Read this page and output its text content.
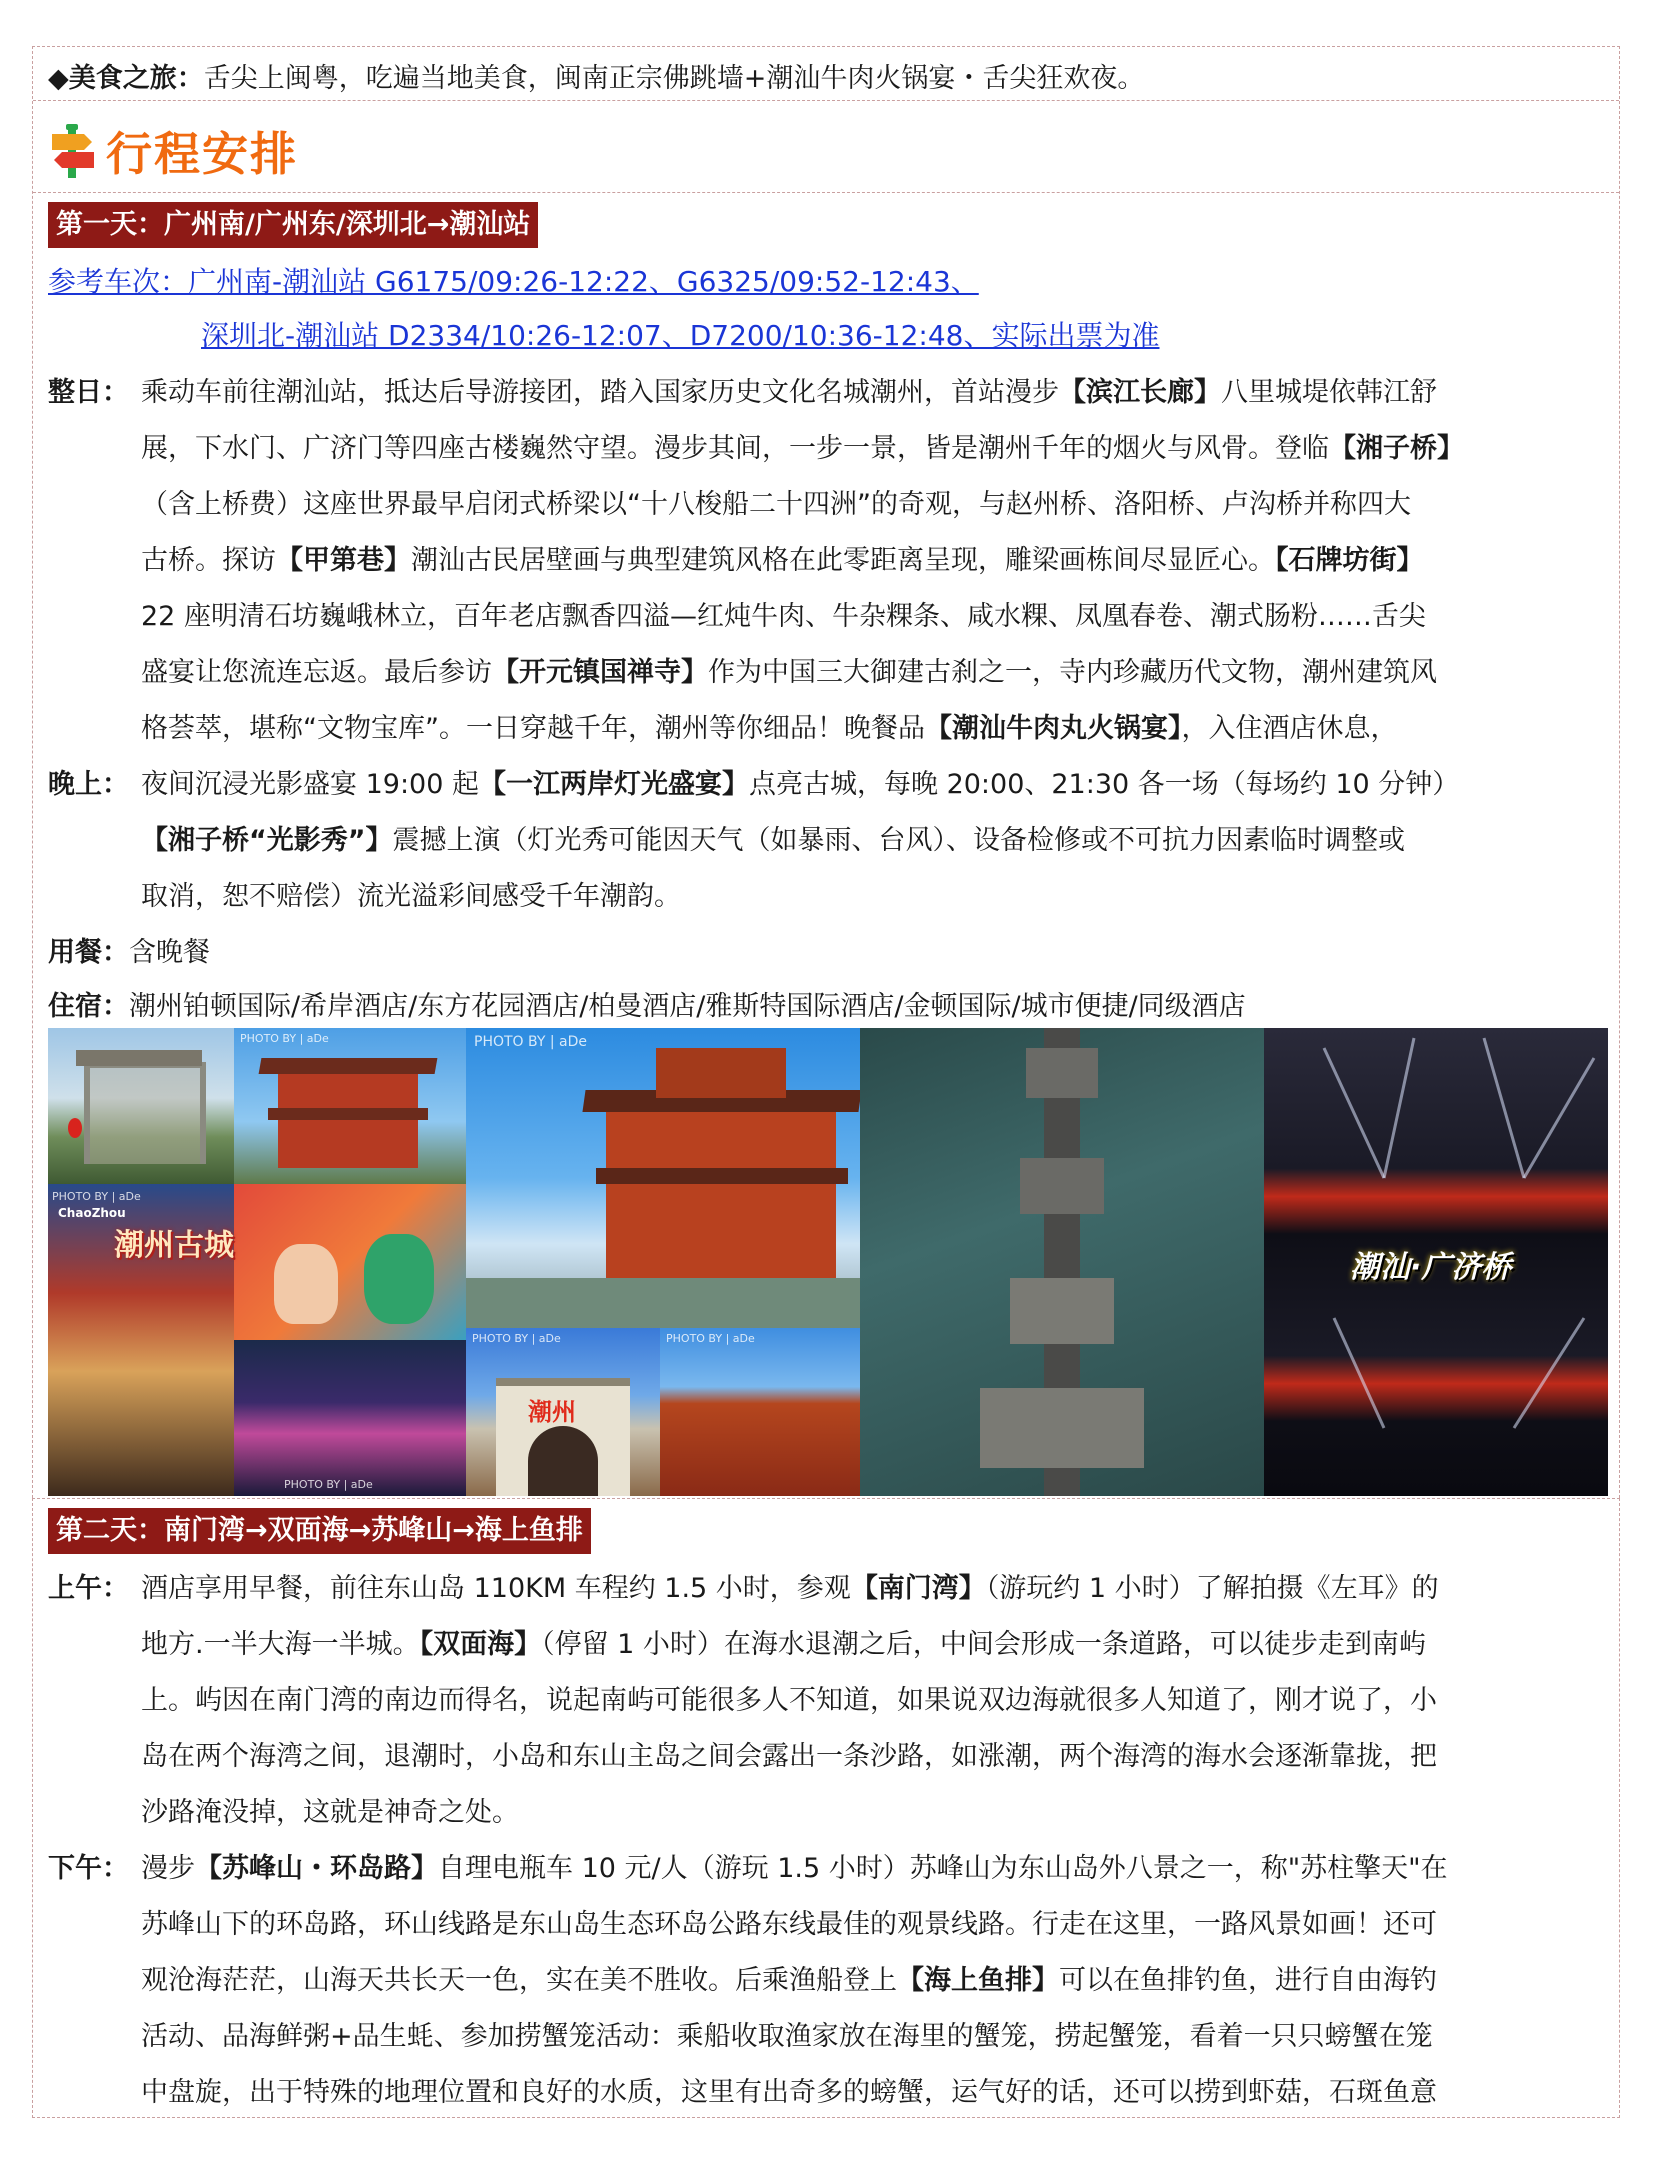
◆美食之旅：舌尖上闽粤，吃遍当地美食，闽南正宗佛跳墙+潮汕牛肉火锅宴・舌尖狂欢夜。
行程安排
第一天：广州南/广州东/深圳北→潮汕站
参考车次：广州南-潮汕站 G6175/09:26-12:22、G6325/09:52-12:43、
深圳北-潮汕站 D2334/10:26-12:07、D7200/10:36-12:48、实际出票为准
整日： 乘动车前往潮汕站，抵达后导游接团，踏入国家历史文化名城潮州，首站漫步【滨江长廊】八里城堤依韩江舒
展，下水门、广济门等四座古楼巍然守望。漫步其间，一步一景，皆是潮州千年的烟火与风骨。登临【湘子桥】
（含上桥费）这座世界最早启闭式桥梁以“十八梭船二十四洲”的奇观，与赵州桥、洛阳桥、卢沟桥并称四大
古桥。探访【甲第巷】潮汕古民居壁画与典型建筑风格在此零距离呈现，雕梁画栋间尽显匠心。【石牌坊街】
22 座明清石坊巍峨林立，百年老店飘香四溢—红炖牛肉、牛杂粿条、咸水粿、凤凰春卷、潮式肠粉……舌尖
盛宴让您流连忘返。最后参访【开元镇国禅寺】作为中国三大御建古刹之一，寺内珍藏历代文物，潮州建筑风
格荟萃，堪称“文物宝库”。一日穿越千年，潮州等你细品！晚餐品【潮汕牛肉丸火锅宴】，入住酒店休息，
晚上： 夜间沉浸光影盛宴 19:00 起【一江两岸灯光盛宴】点亮古城，每晚 20:00、21:30 各一场（每场约 10 分钟）
【湘子桥“光影秀”】震撼上演（灯光秀可能因天气（如暴雨、台风）、设备检修或不可抗力因素临时调整或
取消，恕不赔偿）流光溢彩间感受千年潮韵。
用餐：含晚餐
住宿：潮州铂顿国际/希岸酒店/东方花园酒店/柏曼酒店/雅斯特国际酒店/金顿国际/城市便捷/同级酒店
PHOTO BY | aDe	PHOTO BY | aDe
PHOTO BY | aDe
ChaoZhou
潮州古城
PHOTO BY | aDe
PHOTO BY | aDe
潮州
PHOTO BY | aDe
潮汕·广济桥
第二天：南门湾→双面海→苏峰山→海上鱼排
上午： 酒店享用早餐，前往东山岛 110KM 车程约 1.5 小时，参观【南门湾】（游玩约 1 小时）了解拍摄《左耳》的
地方.一半大海一半城。【双面海】（停留 1 小时）在海水退潮之后，中间会形成一条道路，可以徒步走到南屿
上。屿因在南门湾的南边而得名，说起南屿可能很多人不知道，如果说双边海就很多人知道了，刚才说了，小
岛在两个海湾之间，退潮时，小岛和东山主岛之间会露出一条沙路，如涨潮，两个海湾的海水会逐渐靠拢，把
沙路淹没掉，这就是神奇之处。
下午： 漫步【苏峰山・环岛路】自理电瓶车 10 元/人（游玩 1.5 小时）苏峰山为东山岛外八景之一，称"苏柱擎天"在
苏峰山下的环岛路，环山线路是东山岛生态环岛公路东线最佳的观景线路。行走在这里，一路风景如画！还可
观沧海茫茫，山海天共长天一色，实在美不胜收。后乘渔船登上【海上鱼排】可以在鱼排钓鱼，进行自由海钓
活动、品海鲜粥+品生蚝、参加捞蟹笼活动：乘船收取渔家放在海里的蟹笼，捞起蟹笼，看着一只只螃蟹在笼
中盘旋，出于特殊的地理位置和良好的水质，这里有出奇多的螃蟹，运气好的话，还可以捞到虾菇，石斑鱼意
